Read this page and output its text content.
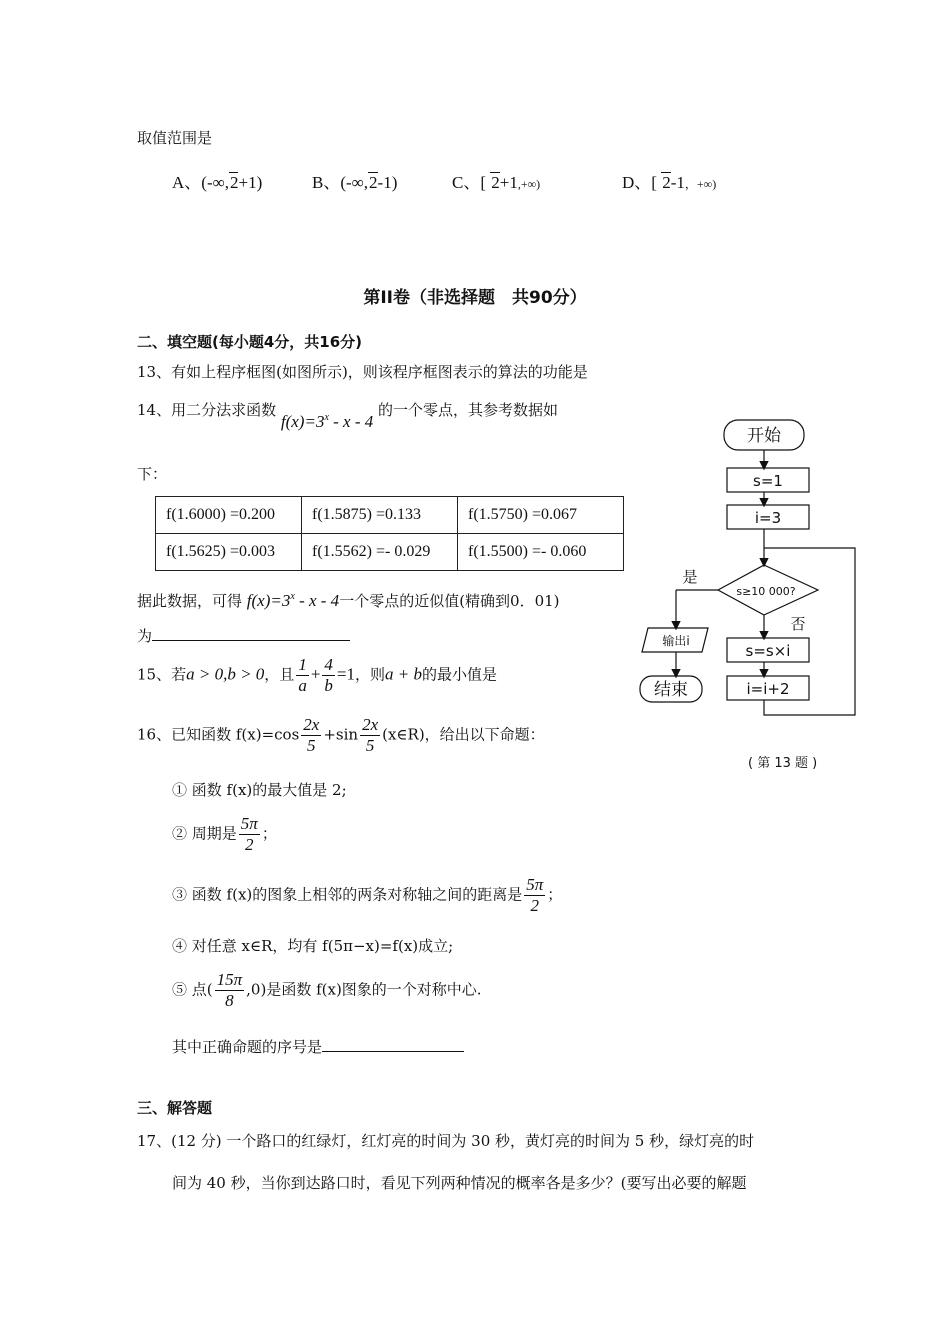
取值范围是
A、(-∞,2+1)	B、(-∞,2-1)	C、[ 2+1,+∞)	D、[ 2-1，+∞)
第II卷（非选择题　共90分）
二、填空题(每小题4分，共16分)
13、有如上程序框图(如图所示)，则该程序框图表示的算法的功能是
14、用二分法求函数 $f(x)=3^x - x - 4$ 的一个零点，其参考数据如
下：
f(1.6000) =0.200	f(1.5875) =0.133	f(1.5750) =0.067
f(1.5625) =0.003	f(1.5562) =- 0.029	f(1.5500) =- 0.060
据此数据，可得 $f(x)=3^x - x - 4$一个零点的近似值(精确到0．01)
为
15、若a > 0,b > 0，且 $\frac{1}{a} + \frac{4}{b} =1$，则a + b的最小值是
16、已知函数 $f(x)=\cos \frac{2x}{5} +\sin \frac{2x}{5}$ (x∈R)，给出以下命题：
① 函数 f(x)的最大值是 2;
② 周期是 $\frac{5\pi}{2}$ ；
③ 函数 f(x)的图象上相邻的两条对称轴之间的距离是 $\frac{5\pi}{2}$ ；
④ 对任意 x∈R，均有 f(5π−x)=f(x)成立;
⑤ 点( $\frac{15\pi}{8} ,0$)是函数 f(x)图象的一个对称中心.
其中正确命题的序号是
开始
s=1
i=3
s≥10 000?
是
否
输出i
s=s×i
i=i+2
结束
( 第 13 题 )
三、解答题
17、(12 分) 一个路口的红绿灯，红灯亮的时间为 30 秒，黄灯亮的时间为 5 秒，绿灯亮的时
间为 40 秒，当你到达路口时，看见下列两种情况的概率各是多少？(要写出必要的解题
